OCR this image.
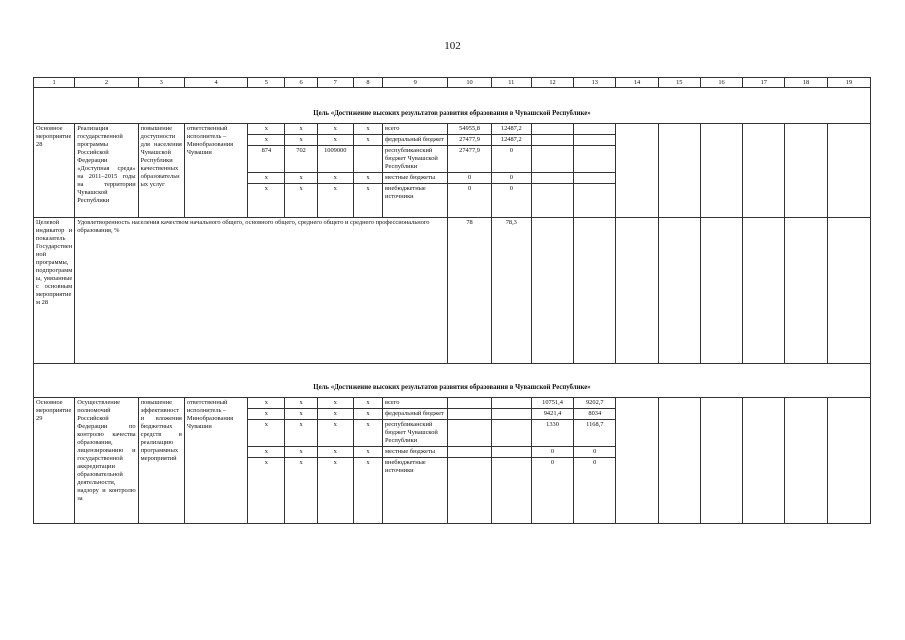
102
1	2	3	4	5	6	7	8	9	10	11	12	13	14	15	16	17	18	19
Цель «Достижение высоких результатов развития образования в Чувашской Республике»																		
Основное мероприятие 28	Реализация государственной программы Российской Федерации «Доступная среда» на 2011–2015 годы на территории Чувашской Республики	повышение доступности для населения Чувашской Республики качественных образовательных услуг	ответственный исполнитель – Минобразования Чувашии	x	x	x	x	всего	54955,8	12487,2								
				x	x	x	x	федеральный бюджет	27477,9	12487,2								
				874	702	1009000		республиканский бюджет Чувашской Республики	27477,9	0								
				x	x	x	x	местные бюджеты	0	0								
				x	x	x	x	внебюджетные источники	0	0								
Целевой индикатор и показатель Государственной программы, подпрограммы, увязанные с основным мероприятием 28	Удовлетворенность населения качеством начального общего, основного общего, среднего общего и среднего профессионального образования, %								78	78,3								
Цель «Достижение высоких результатов развития образования в Чувашской Республике»																		
Основное мероприятие 29	Осуществление полномочий Российской Федерации по контролю качества образования, лицензированию и государственной аккредитации образовательной деятельности, надзору и контролю за	повышение эффективности вложения бюджетных средств в реализацию программных мероприятий	ответственный исполнитель – Минобразования Чувашии	x	x	x	x	всего			10751,4	9202,7						
				x	x	x	x	федеральный бюджет			9421,4	8034						
				x	x	x	x	республиканский бюджет Чувашской Республики			1330	1168,7						
				x	x	x	x	местные бюджеты			0	0						
				x	x	x	x	внебюджетные источники			0	0						
